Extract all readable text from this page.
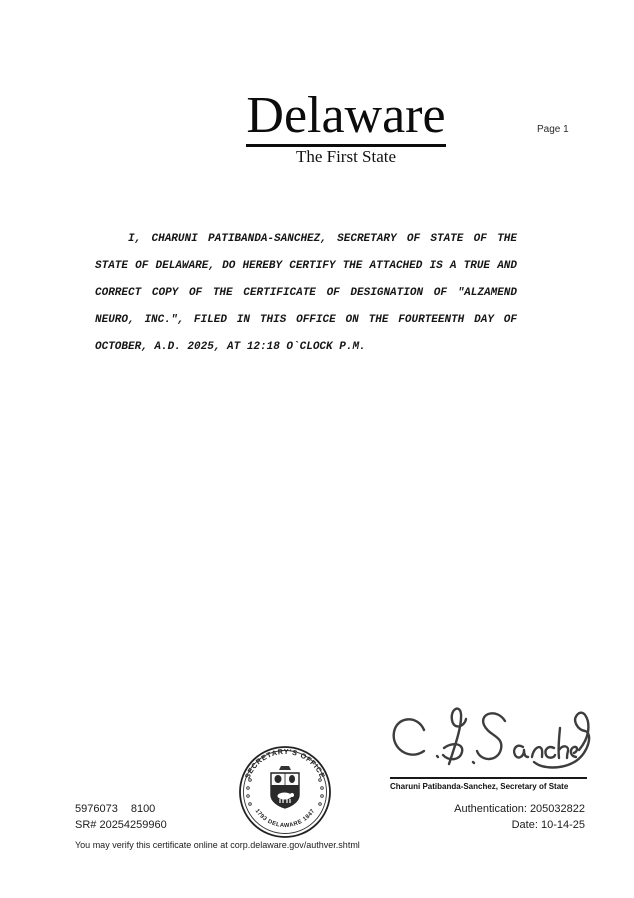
Delaware
The First State
Page 1
I, CHARUNI PATIBANDA-SANCHEZ, SECRETARY OF STATE OF THE
STATE OF DELAWARE, DO HEREBY CERTIFY THE ATTACHED IS A TRUE AND
CORRECT COPY OF THE CERTIFICATE OF DESIGNATION OF "ALZAMEND
NEURO, INC.", FILED IN THIS OFFICE ON THE FOURTEENTH DAY OF
OCTOBER, A.D. 2025, AT 12:18 O`CLOCK P.M.
Charuni Patibanda-Sanchez, Secretary of State
SECRETARY'S OFFICE
1793 DELAWARE 1847
5976073 8100
SR# 20254259960
Authentication: 205032822
Date: 10-14-25
You may verify this certificate online at corp.delaware.gov/authver.shtml
